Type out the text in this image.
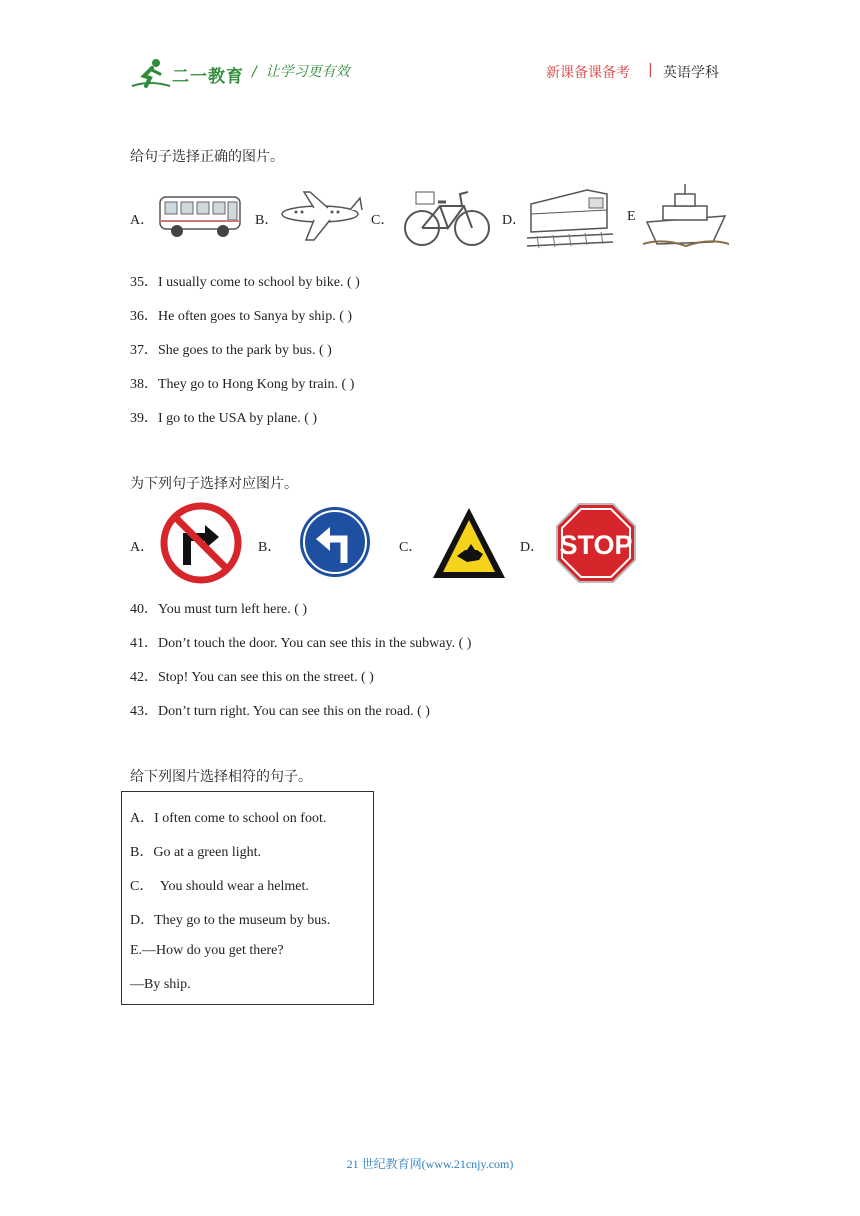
二一教育 / 让学习更有效	新课备课备考 | 英语学科
给句子选择正确的图片。
A．	B．	C．	D．	E
35．I usually come to school by bike. ( )
36．He often goes to Sanya by ship. ( )
37．She goes to the park by bus. ( )
38．They go to Hong Kong by train. ( )
39．I go to the USA by plane. ( )
为下列句子选择对应图片。
A．	B．	C．	D． STOP
40．You must turn left here. ( )
41．Don’t touch the door. You can see this in the subway. ( )
42．Stop! You can see this on the street. ( )
43．Don’t turn right. You can see this on the road. ( )
给下列图片选择相符的句子。
A．I often come to school on foot.
B．Go at a green light.
C．  You should wear a helmet.
D．They go to the museum by bus.
E.—How do you get there?
—By ship.
21 世纪教育网(www.21cnjy.com)
